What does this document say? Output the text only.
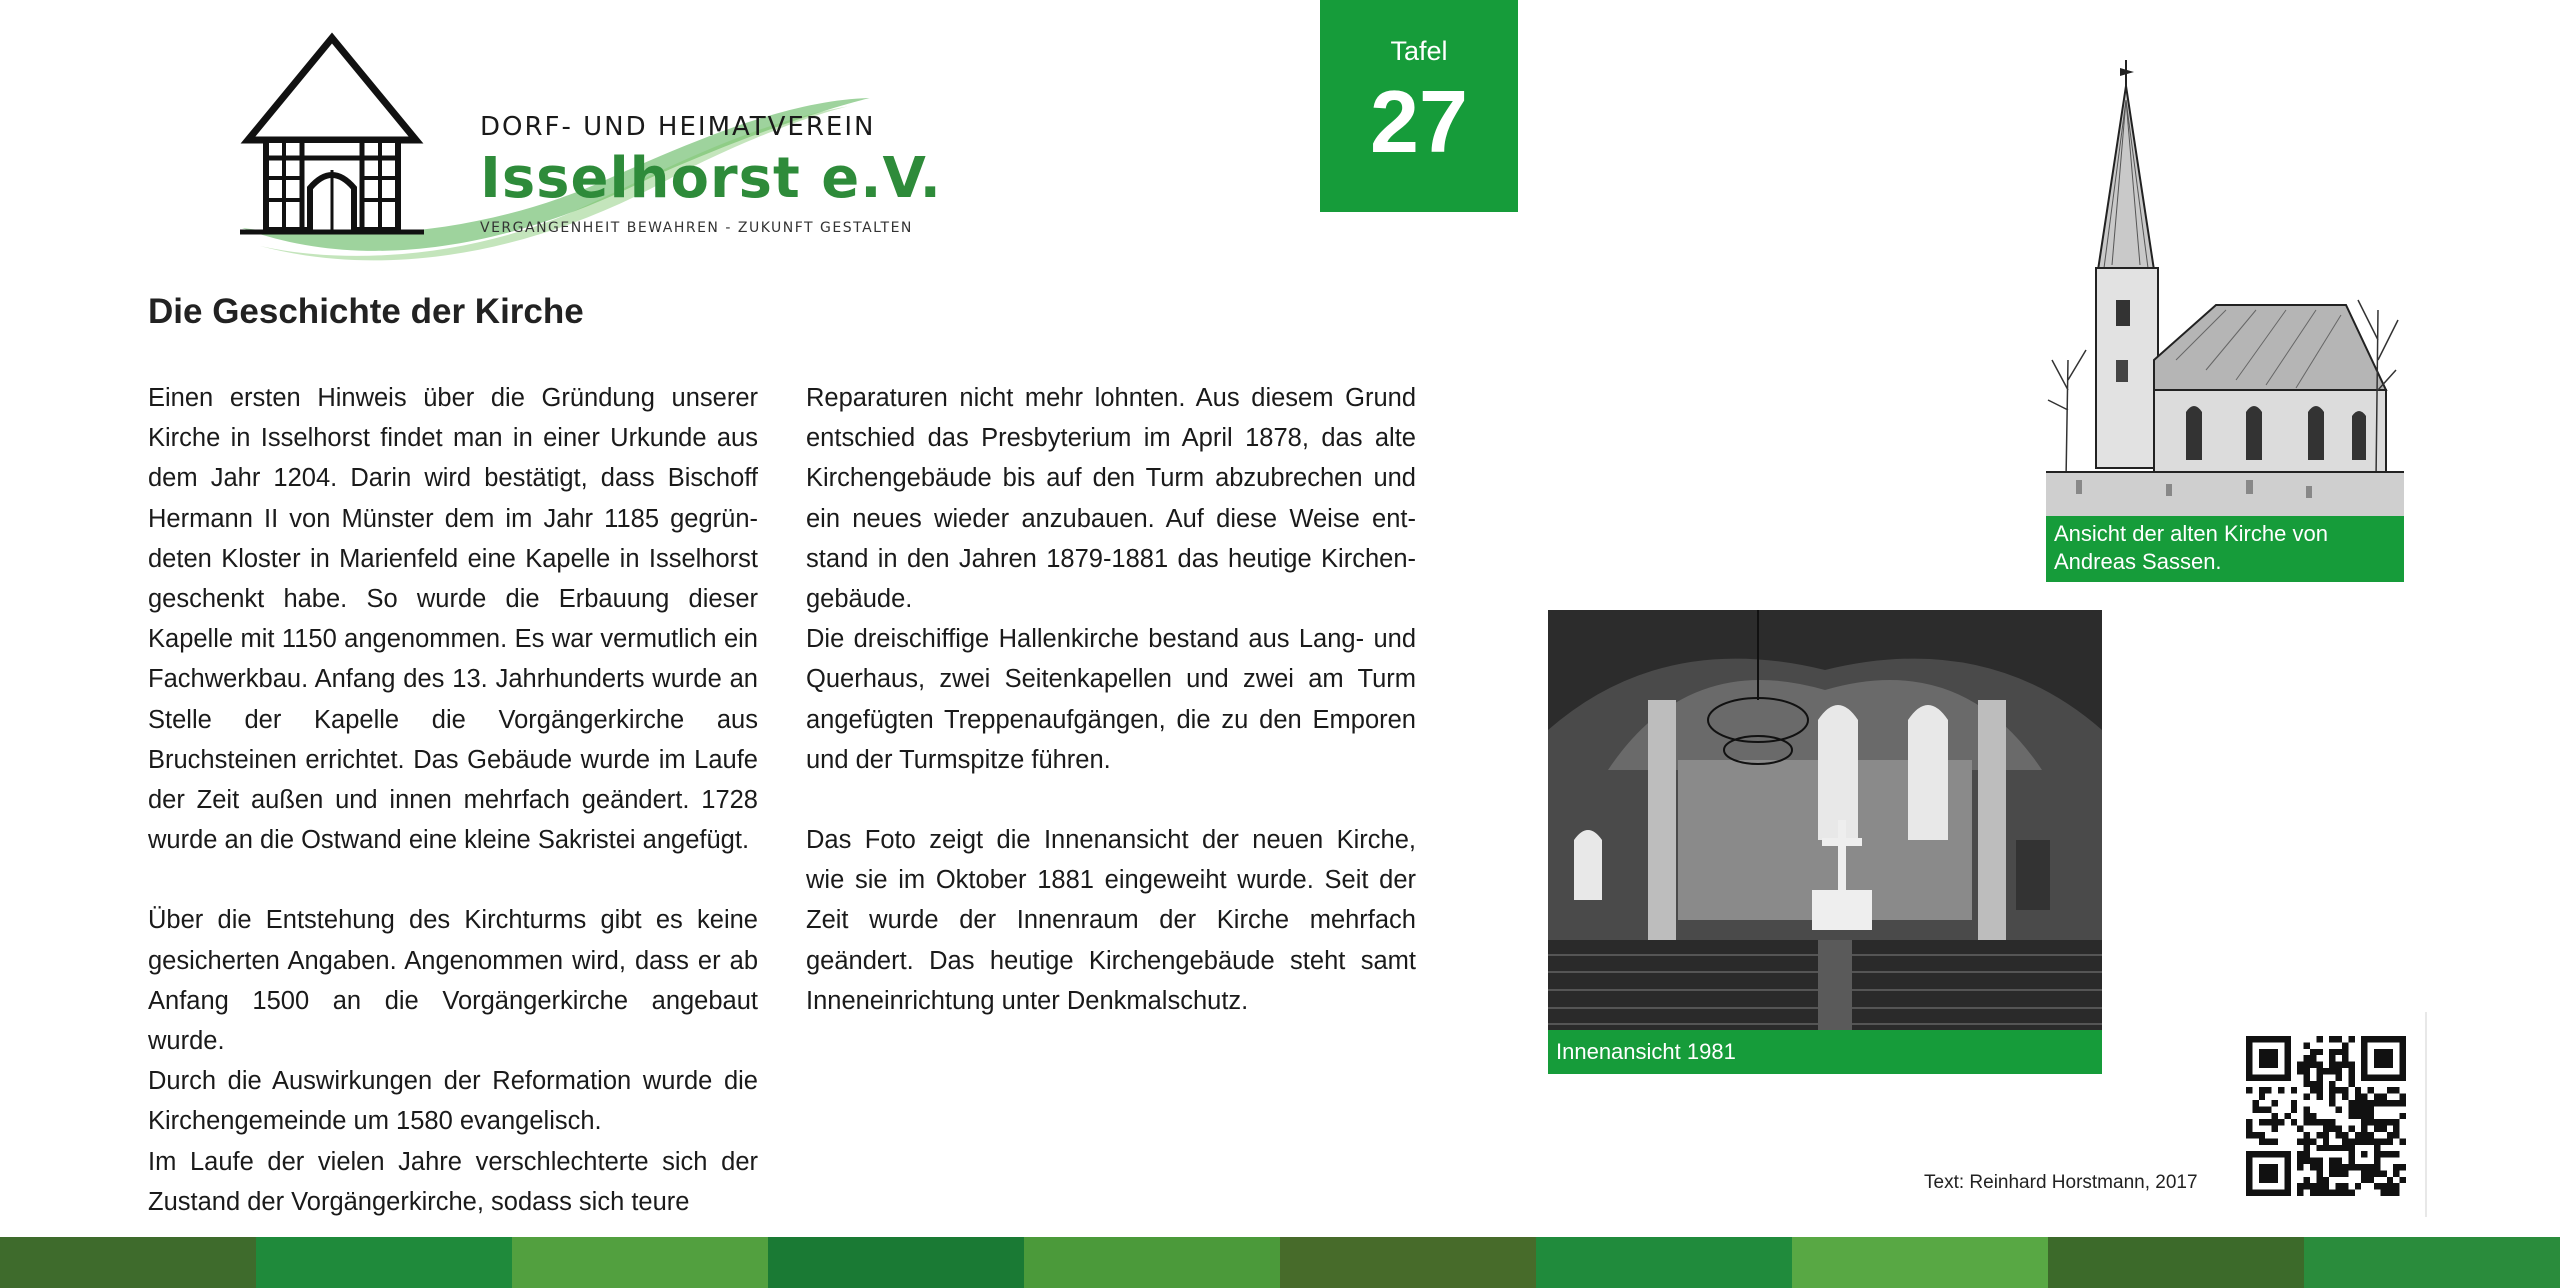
DORF- UND HEIMATVEREIN
Isselhorst e.V.
VERGANGENHEIT BEWAHREN - ZUKUNFT GESTALTEN
Tafel
27
Die Geschichte der Kirche

Einen ersten Hinweis über die Gründung unserer Kirche in Isselhorst findet man in einer Urkunde aus dem Jahr 1204. Darin wird bestätigt, dass Bischoff Hermann II von Münster dem im Jahr 1185 gegrün-deten Kloster in Marienfeld eine Kapelle in Isselhorst geschenkt habe. So wurde die Erbauung dieser Kapelle mit 1150 angenommen. Es war vermutlich ein Fachwerkbau. Anfang des 13. Jahrhunderts wurde an Stelle der Kapelle die Vorgängerkirche aus Bruchsteinen errichtet. Das Gebäude wurde im Laufe der Zeit außen und innen mehrfach geändert. 1728 wurde an die Ostwand eine kleine Sakristei angefügt.

Über die Entstehung des Kirchturms gibt es keine gesicherten Angaben. Angenommen wird, dass er ab Anfang 1500 an die Vorgängerkirche angebaut wurde.

Durch die Auswirkungen der Reformation wurde die Kirchengemeinde um 1580 evangelisch.

Im Laufe der vielen Jahre verschlechterte sich der Zustand der Vorgängerkirche, sodass sich teure

Reparaturen nicht mehr lohnten. Aus diesem Grund entschied das Presbyterium im April 1878, das alte Kirchengebäude bis auf den Turm abzubrechen und ein neues wieder anzubauen. Auf diese Weise ent-stand in den Jahren 1879-1881 das heutige Kirchen-gebäude.

Die dreischiffige Hallenkirche bestand aus Lang- und Querhaus, zwei Seitenkapellen und zwei am Turm angefügten Treppenaufgängen, die zu den Emporen und der Turmspitze führen.

Das Foto zeigt die Innenansicht der neuen Kirche, wie sie im Oktober 1881 eingeweiht wurde. Seit der Zeit wurde der Innenraum der Kirche mehrfach geändert. Das heutige Kirchengebäude steht samt Inneneinrichtung unter Denkmalschutz.

Ansicht der alten Kirche von Andreas Sassen.
Innenansicht 1981
Text: Reinhard Horstmann, 2017
